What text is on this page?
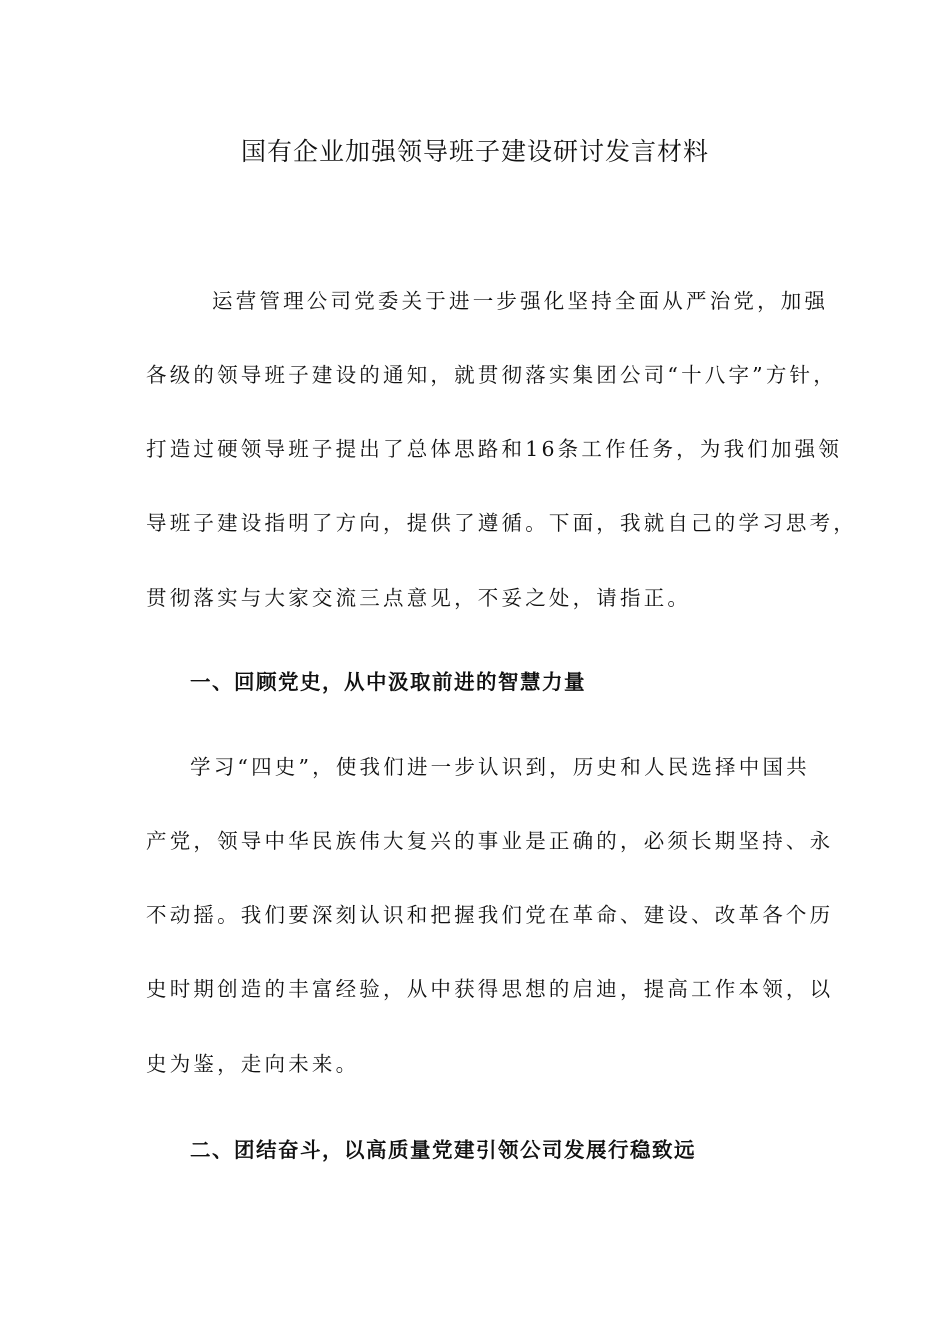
国有企业加强领导班子建设研讨发言材料

运营管理公司党委关于进一步强化坚持全面从严治党，加强

各级的领导班子建设的通知，就贯彻落实集团公司“十八字”方针，

打造过硬领导班子提出了总体思路和16条工作任务，为我们加强领

导班子建设指明了方向，提供了遵循。下面，我就自己的学习思考，

贯彻落实与大家交流三点意见，不妥之处，请指正。

一、回顾党史，从中汲取前进的智慧力量

学习“四史”，使我们进一步认识到，历史和人民选择中国共

产党，领导中华民族伟大复兴的事业是正确的，必须长期坚持、永

不动摇。我们要深刻认识和把握我们党在革命、建设、改革各个历

史时期创造的丰富经验，从中获得思想的启迪，提高工作本领，以

史为鉴，走向未来。

二、团结奋斗，以高质量党建引领公司发展行稳致远
